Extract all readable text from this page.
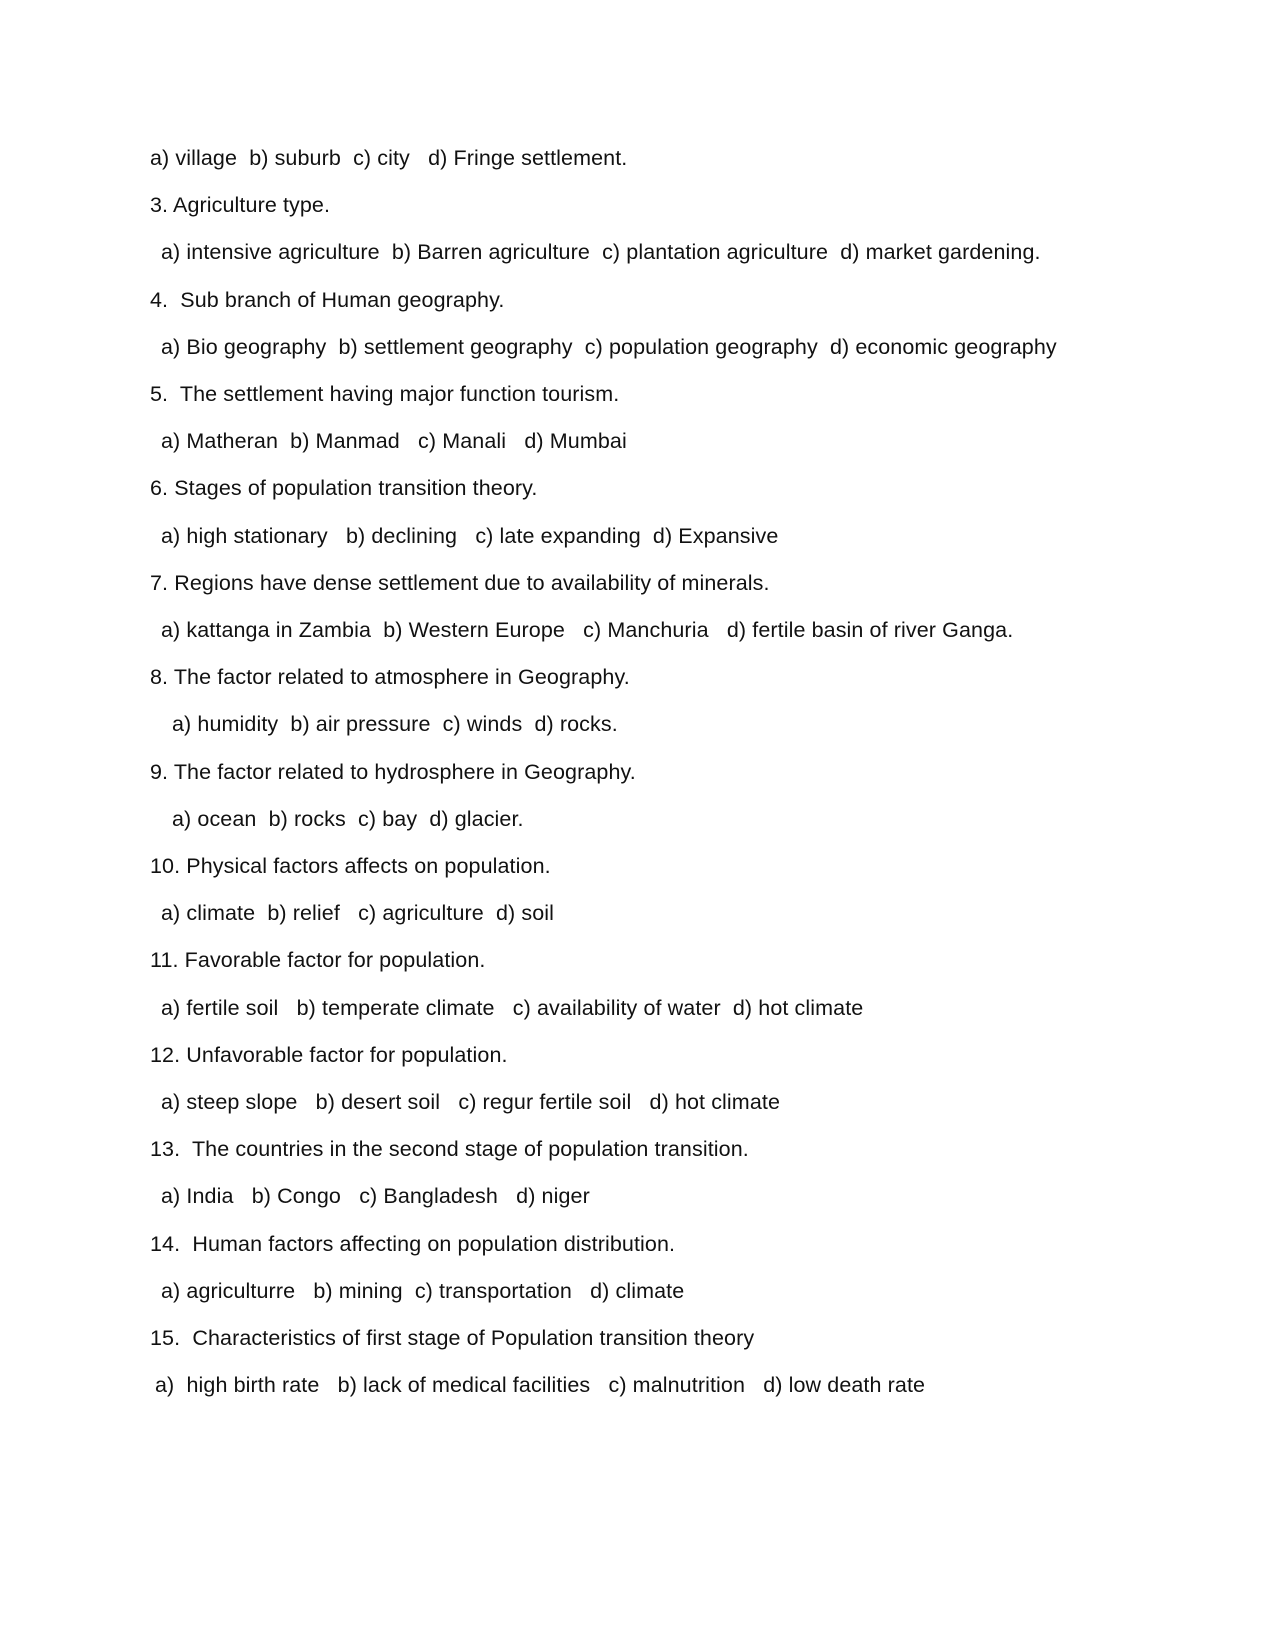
a) village  b) suburb  c) city   d) Fringe settlement.

3. Agriculture type.

a) intensive agriculture  b) Barren agriculture  c) plantation agriculture  d) market gardening.

4.  Sub branch of Human geography.

a) Bio geography  b) settlement geography  c) population geography  d) economic geography

5.  The settlement having major function tourism.

a) Matheran  b) Manmad   c) Manali   d) Mumbai

6. Stages of population transition theory.

a) high stationary   b) declining   c) late expanding  d) Expansive

7. Regions have dense settlement due to availability of minerals.

a) kattanga in Zambia  b) Western Europe   c) Manchuria   d) fertile basin of river Ganga.

8. The factor related to atmosphere in Geography.

a) humidity  b) air pressure  c) winds  d) rocks.

9. The factor related to hydrosphere in Geography.

a) ocean  b) rocks  c) bay  d) glacier.

10. Physical factors affects on population.

a) climate  b) relief   c) agriculture  d) soil

11. Favorable factor for population.

a) fertile soil   b) temperate climate   c) availability of water  d) hot climate

12. Unfavorable factor for population.

a) steep slope   b) desert soil   c) regur fertile soil   d) hot climate

13.  The countries in the second stage of population transition.

a) India   b) Congo   c) Bangladesh   d) niger

14.  Human factors affecting on population distribution.

a) agriculturre   b) mining  c) transportation   d) climate

15.  Characteristics of first stage of Population transition theory

a)  high birth rate   b) lack of medical facilities   c) malnutrition   d) low death rate
